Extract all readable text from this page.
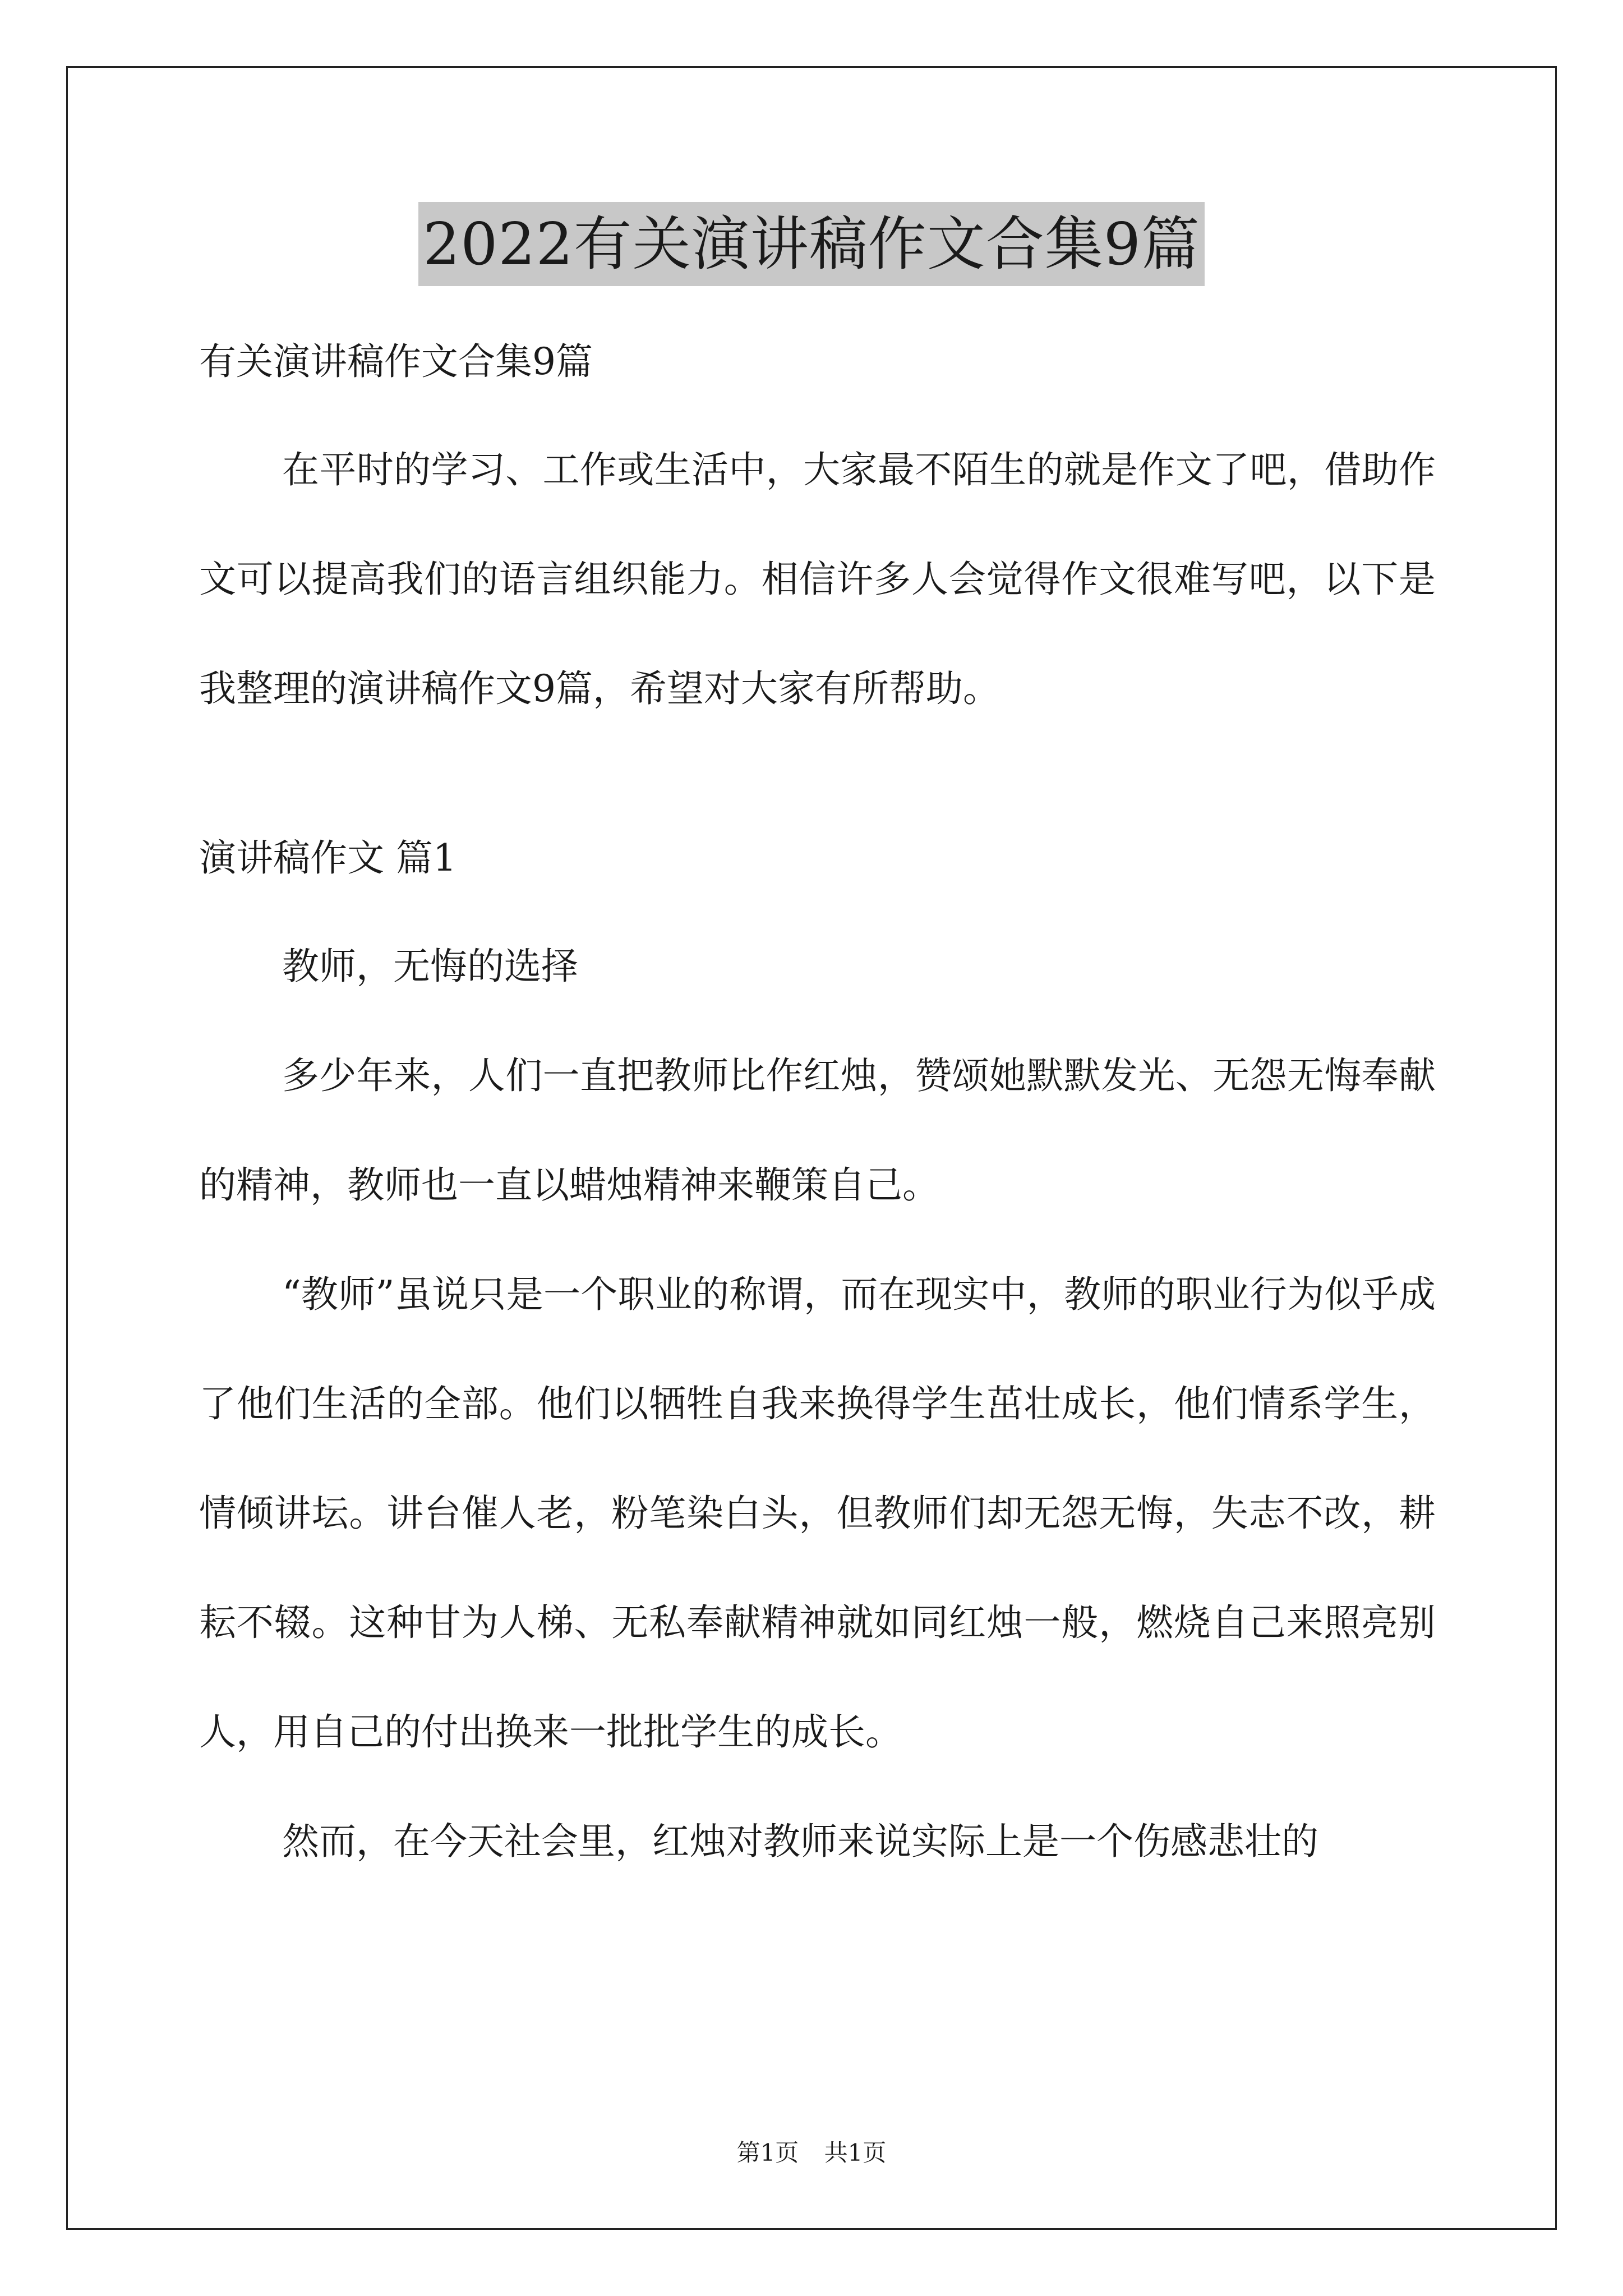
2022有关演讲稿作文合集9篇
有关演讲稿作文合集9篇

在平时的学习、工作或生活中，大家最不陌生的就是作文了吧，借助作文可以提高我们的语言组织能力。相信许多人会觉得作文很难写吧，以下是我整理的演讲稿作文9篇，希望对大家有所帮助。

演讲稿作文 篇1

教师，无悔的选择

多少年来，人们一直把教师比作红烛，赞颂她默默发光、无怨无悔奉献的精神，教师也一直以蜡烛精神来鞭策自己。

“教师”虽说只是一个职业的称谓，而在现实中，教师的职业行为似乎成了他们生活的全部。他们以牺牲自我来换得学生茁壮成长，他们情系学生，情倾讲坛。讲台催人老，粉笔染白头，但教师们却无怨无悔，失志不改，耕耘不辍。这种甘为人梯、无私奉献精神就如同红烛一般，燃烧自己来照亮别人，用自己的付出换来一批批学生的成长。

然而，在今天社会里，红烛对教师来说实际上是一个伤感悲壮的

第1页 共1页
